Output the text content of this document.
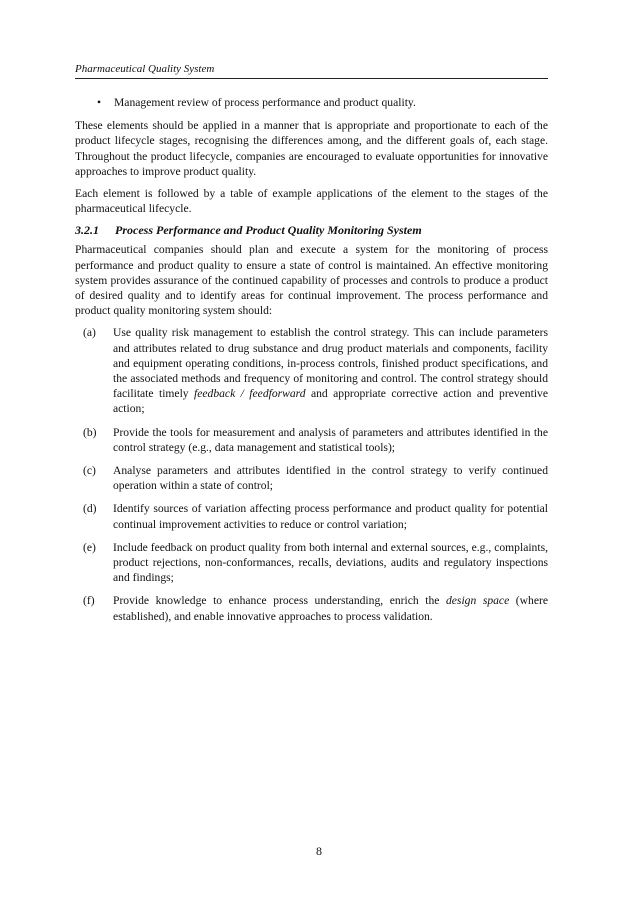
Pharmaceutical Quality System
•	Management review of process performance and product quality.

These elements should be applied in a manner that is appropriate and proportionate to each of the product lifecycle stages, recognising the differences among, and the different goals of, each stage. Throughout the product lifecycle, companies are encouraged to evaluate opportunities for innovative approaches to improve product quality.

Each element is followed by a table of example applications of the element to the stages of the pharmaceutical lifecycle.

3.2.1 Process Performance and Product Quality Monitoring System

Pharmaceutical companies should plan and execute a system for the monitoring of process performance and product quality to ensure a state of control is maintained. An effective monitoring system provides assurance of the continued capability of processes and controls to produce a product of desired quality and to identify areas for continual improvement. The process performance and product quality monitoring system should:

(a)	Use quality risk management to establish the control strategy. This can include parameters and attributes related to drug substance and drug product materials and components, facility and equipment operating conditions, in-process controls, finished product specifications, and the associated methods and frequency of monitoring and control. The control strategy should facilitate timely feedback / feedforward and appropriate corrective action and preventive action;
(b)	Provide the tools for measurement and analysis of parameters and attributes identified in the control strategy (e.g., data management and statistical tools);
(c)	Analyse parameters and attributes identified in the control strategy to verify continued operation within a state of control;
(d)	Identify sources of variation affecting process performance and product quality for potential continual improvement activities to reduce or control variation;
(e)	Include feedback on product quality from both internal and external sources, e.g., complaints, product rejections, non-conformances, recalls, deviations, audits and regulatory inspections and findings;
(f)	Provide knowledge to enhance process understanding, enrich the design space (where established), and enable innovative approaches to process validation.
8
